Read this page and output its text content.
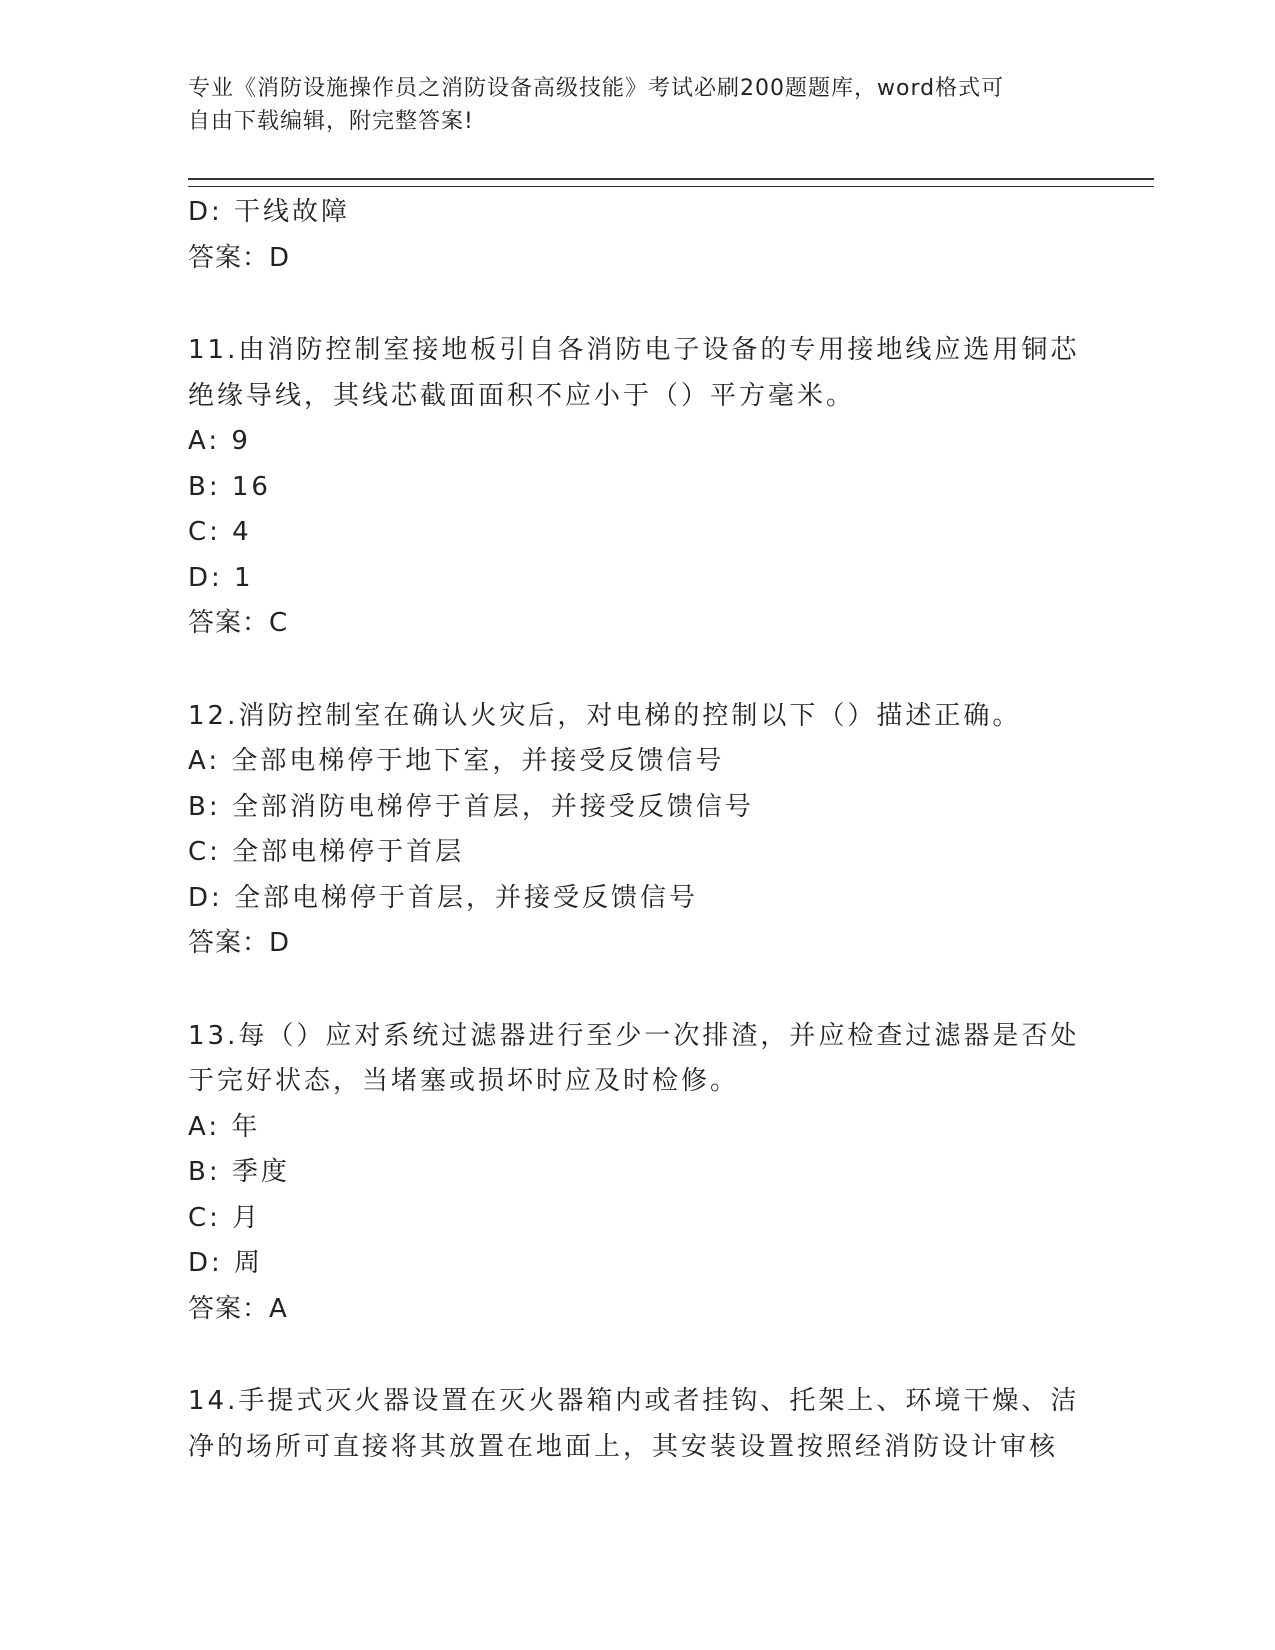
专业《消防设施操作员之消防设备高级技能》考试必刷200题题库，word格式可
自由下载编辑，附完整答案!
D: 干线故障
答案：D
11.由消防控制室接地板引自各消防电子设备的专用接地线应选用铜芯
绝缘导线，其线芯截面面积不应小于（）平方毫米。
A: 9
B: 16
C: 4
D: 1
答案：C
12.消防控制室在确认火灾后，对电梯的控制以下（）描述正确。
A: 全部电梯停于地下室，并接受反馈信号
B: 全部消防电梯停于首层，并接受反馈信号
C: 全部电梯停于首层
D: 全部电梯停于首层，并接受反馈信号
答案：D
13.每（）应对系统过滤器进行至少一次排渣，并应检查过滤器是否处
于完好状态，当堵塞或损坏时应及时检修。
A: 年
B: 季度
C: 月
D: 周
答案：A
14.手提式灭火器设置在灭火器箱内或者挂钩、托架上、环境干燥、洁
净的场所可直接将其放置在地面上，其安装设置按照经消防设计审核
